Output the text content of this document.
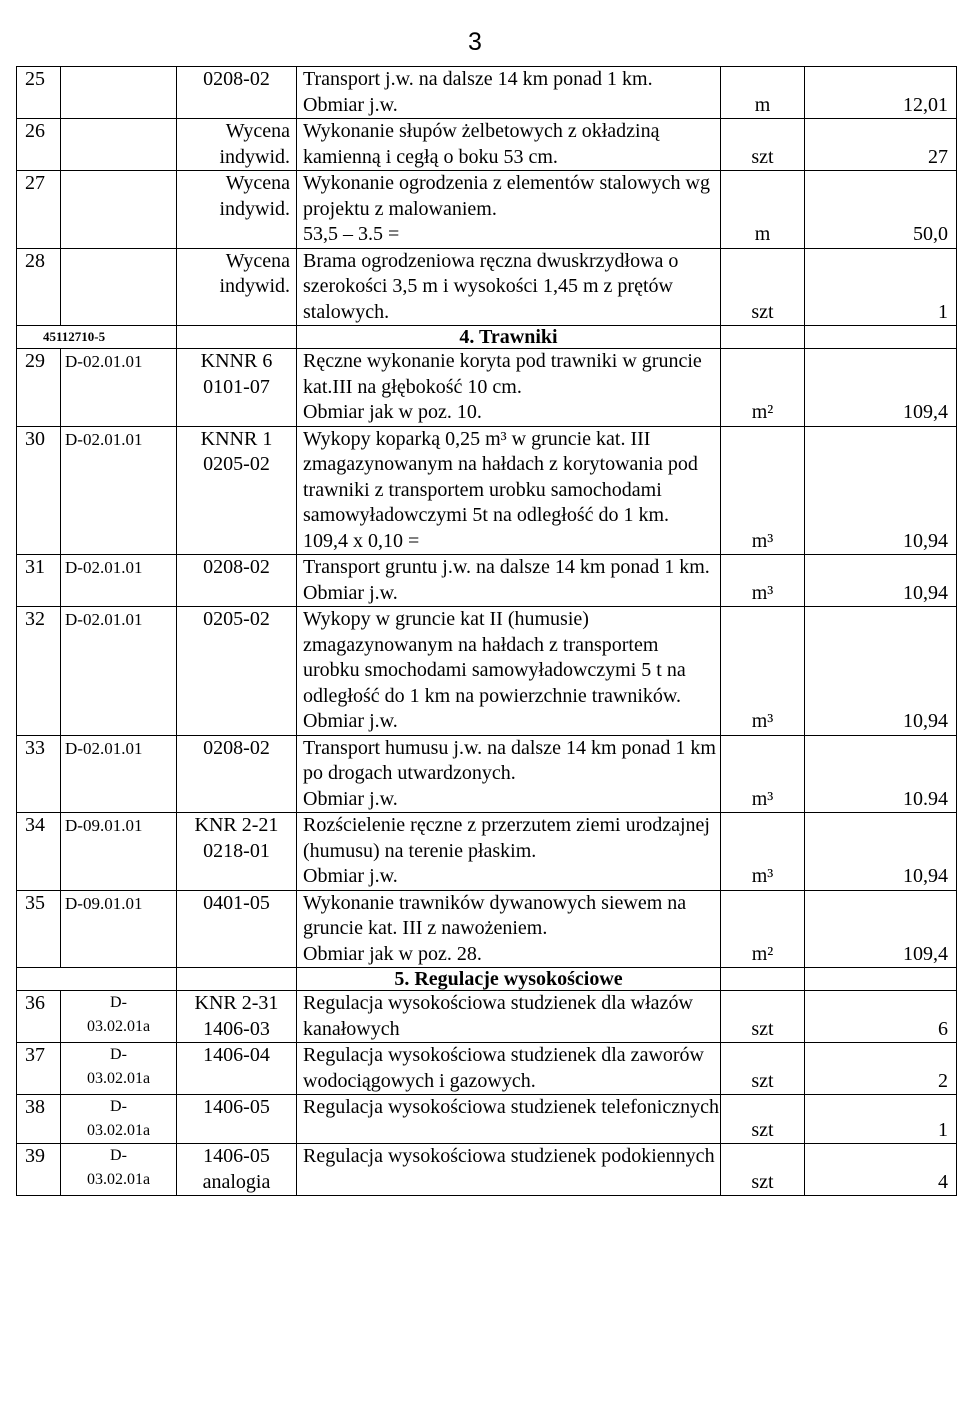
3
25		0208-02	Transport j.w. na dalsze 14 km ponad 1 km.
Obmiar j.w.	m	12,01

26		Wycena
indywid.	Wykonanie słupów żelbetowych z okładziną
kamienną i cegłą o boku 53 cm.	szt	27

27		Wycena
indywid.	Wykonanie ogrodzenia z elementów stalowych wg
projektu z malowaniem.
53,5 – 3.5 =	m	50,0

28		Wycena
indywid.	Brama ogrodzeniowa ręczna dwuskrzydłowa o
szerokości 3,5 m i wysokości 1,45 m z prętów
stalowych.	szt	1

45112710-5			4. Trawniki		

29	D-02.01.01	KNNR 6
0101-07	Ręczne wykonanie koryta pod trawniki w gruncie
kat.III na głębokość 10 cm.
Obmiar jak w poz. 10.	m²	109,4

30	D-02.01.01	KNNR 1
0205-02	Wykopy koparką 0,25 m³ w gruncie kat. III
zmagazynowanym na hałdach z korytowania pod
trawniki z transportem urobku samochodami
samowyładowczymi 5t na odległość do 1 km.
109,4 x 0,10 =	m³	10,94

31	D-02.01.01	0208-02	Transport gruntu j.w. na dalsze 14 km ponad 1 km.
Obmiar j.w.	m³	10,94

32	D-02.01.01	0205-02	Wykopy w gruncie kat II (humusie)
zmagazynowanym na hałdach z transportem
urobku smochodami samowyładowczymi 5 t na
odległość do 1 km na powierzchnie trawników.
Obmiar j.w.	m³	10,94

33	D-02.01.01	0208-02	Transport humusu j.w. na dalsze 14 km ponad 1 km
po drogach utwardzonych.
Obmiar j.w.	m³	10.94

34	D-09.01.01	KNR 2-21
0218-01	Rozścielenie ręczne z przerzutem ziemi urodzajnej
(humusu) na terenie płaskim.
Obmiar j.w.	m³	10,94

35	D-09.01.01	0401-05	Wykonanie trawników dywanowych siewem na
gruncie kat. III z nawożeniem.
Obmiar jak w poz. 28.	m²	109,4

			5. Regulacje wysokościowe		

36	D-
03.02.01a	KNR 2-31
1406-03	Regulacja wysokościowa studzienek dla włazów
kanałowych	szt	6

37	D-
03.02.01a	1406-04	Regulacja wysokościowa studzienek dla zaworów
wodociągowych i gazowych.	szt	2

38	D-
03.02.01a	1406-05	Regulacja wysokościowa studzienek telefonicznych	szt	1

39	D-
03.02.01a	1406-05
analogia	Regulacja wysokościowa studzienek podokiennych	szt	4
